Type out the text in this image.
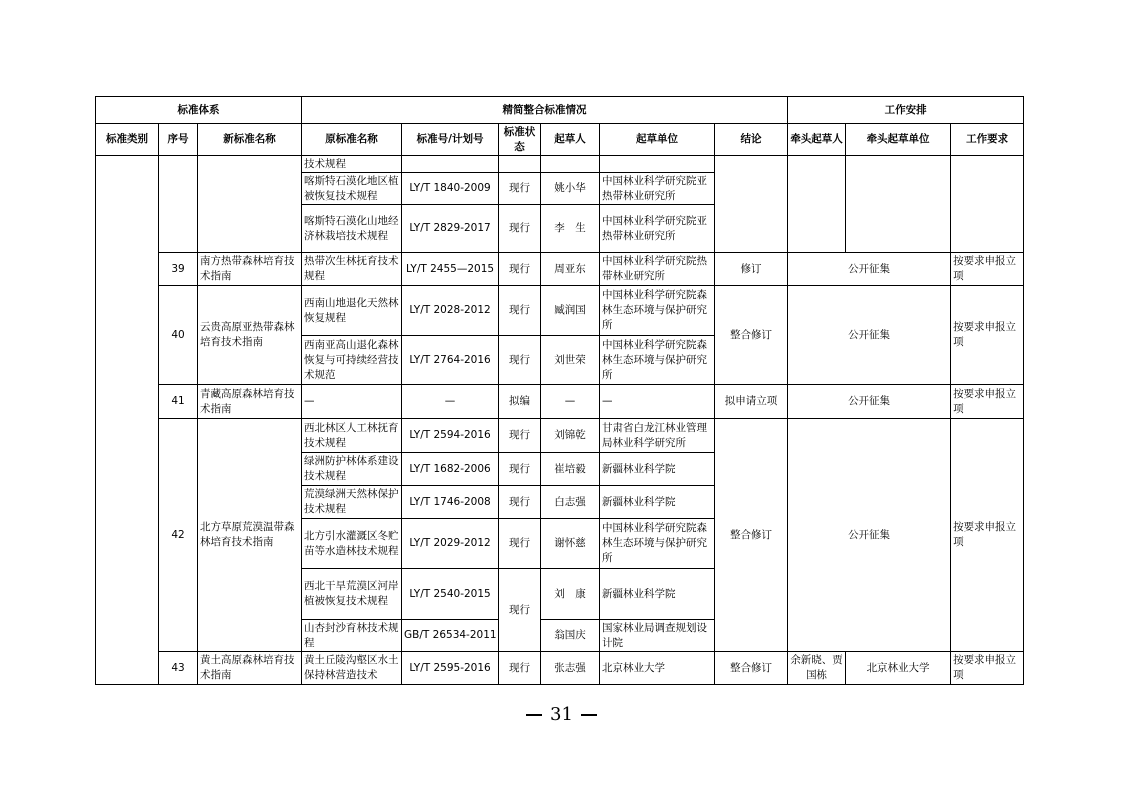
标准体系			精简整合标准情况						工作安排		
标准类别	序号	新标准名称	原标准名称	标准号/计划号	标准状态	起草人	起草单位	结论	牵头起草人	牵头起草单位	工作要求
			技术规程								
			喀斯特石漠化地区植被恢复技术规程	LY/T 1840-2009	现行	姚小华	中国林业科学研究院亚热带林业研究所				
			喀斯特石漠化山地经济林栽培技术规程	LY/T 2829-2017	现行	李　生	中国林业科学研究院亚热带林业研究所				
	39	南方热带森林培育技术指南	热带次生林抚育技术规程	LY/T 2455—2015	现行	周亚东	中国林业科学研究院热带林业研究所	修订	公开征集		按要求申报立项
	40	云贵高原亚热带森林培育技术指南	西南山地退化天然林恢复规程	LY/T 2028-2012	现行	臧润国	中国林业科学研究院森林生态环境与保护研究所	整合修订	公开征集		按要求申报立项
			西南亚高山退化森林恢复与可持续经营技术规范	LY/T 2764-2016	现行	刘世荣	中国林业科学研究院森林生态环境与保护研究所				
	41	青藏高原森林培育技术指南	—	—	拟编	—	—	拟申请立项	公开征集		按要求申报立项
	42	北方草原荒漠温带森林培育技术指南	西北林区人工林抚育技术规程	LY/T 2594-2016	现行	刘锦乾	甘肃省白龙江林业管理局林业科学研究所	整合修订	公开征集		按要求申报立项
			绿洲防护林体系建设技术规程	LY/T 1682-2006	现行	崔培毅	新疆林业科学院				
			荒漠绿洲天然林保护技术规程	LY/T 1746-2008	现行	白志强	新疆林业科学院				
			北方引水灌溉区冬贮苗等水造林技术规程	LY/T 2029-2012	现行	谢怀慈	中国林业科学研究院森林生态环境与保护研究所				
			西北干旱荒漠区河岸植被恢复技术规程	LY/T 2540-2015	现行	刘　康	新疆林业科学院				
			山杏封沙育林技术规程	GB/T 26534-2011		翁国庆	国家林业局调查规划设计院				
	43	黄土高原森林培育技术指南	黄土丘陵沟壑区水土保持林营造技术	LY/T 2595-2016	现行	张志强	北京林业大学	整合修订	余新晓、贾国栋	北京林业大学	按要求申报立项
31
